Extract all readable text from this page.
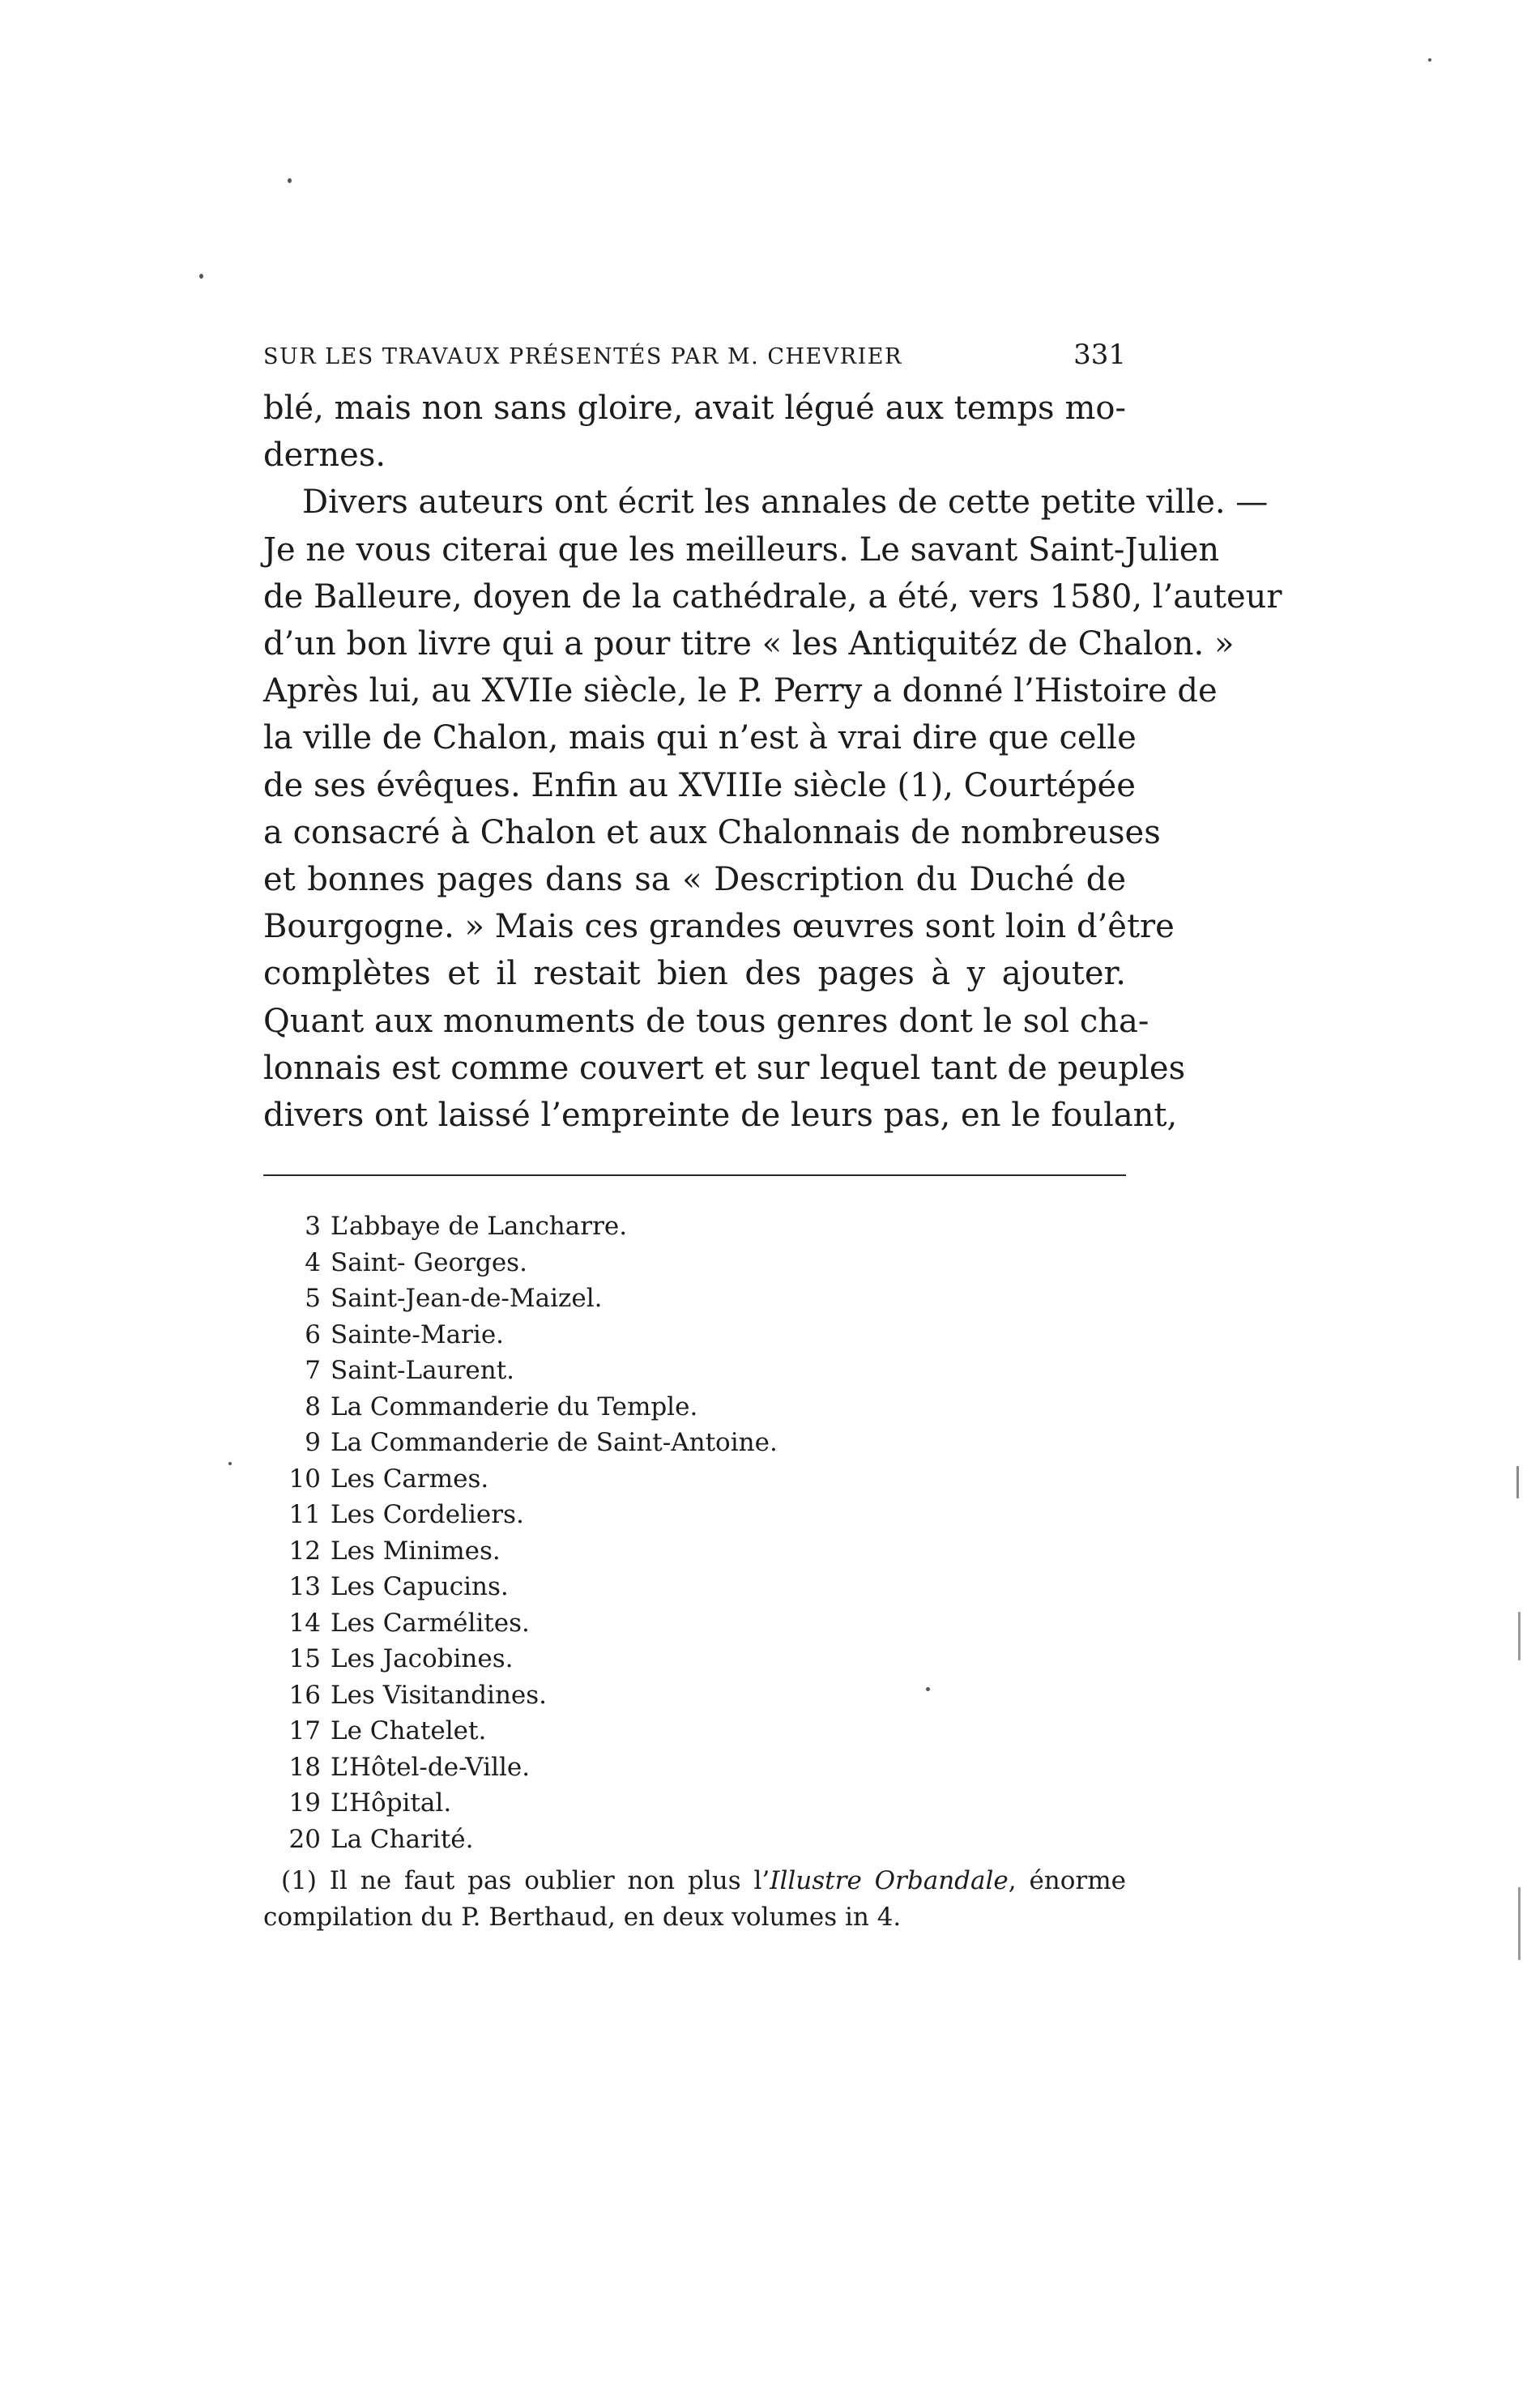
SUR LES TRAVAUX PRÉSENTÉS PAR M. CHEVRIER	331
blé, mais non sans gloire, avait légué aux temps mo-
dernes.
Divers auteurs ont écrit les annales de cette petite ville. —
Je ne vous citerai que les meilleurs. Le savant Saint-Julien
de Balleure, doyen de la cathédrale, a été, vers 1580, l’auteur
d’un bon livre qui a pour titre « les Antiquitéz de Chalon. »
Après lui, au XVIIe siècle, le P. Perry a donné l’Histoire de
la ville de Chalon, mais qui n’est à vrai dire que celle
de ses évêques. Enfin au XVIIIe siècle (1), Courtépée
a consacré à Chalon et aux Chalonnais de nombreuses
et bonnes pages dans sa « Description du Duché de
Bourgogne. » Mais ces grandes œuvres sont loin d’être
complètes et il restait bien des pages à y ajouter.
Quant aux monuments de tous genres dont le sol cha-
lonnais est comme couvert et sur lequel tant de peuples
divers ont laissé l’empreinte de leurs pas, en le foulant,
3 L’abbaye de Lancharre.
4 Saint- Georges.
5 Saint-Jean-de-Maizel.
6 Sainte-Marie.
7 Saint-Laurent.
8 La Commanderie du Temple.
9 La Commanderie de Saint-Antoine.
10 Les Carmes.
11 Les Cordeliers.
12 Les Minimes.
13 Les Capucins.
14 Les Carmélites.
15 Les Jacobines.
16 Les Visitandines.
17 Le Chatelet.
18 L’Hôtel-de-Ville.
19 L’Hôpital.
20 La Charité.
(1) Il ne faut pas oublier non plus l’Illustre Orbandale, énorme
compilation du P. Berthaud, en deux volumes in 4.
